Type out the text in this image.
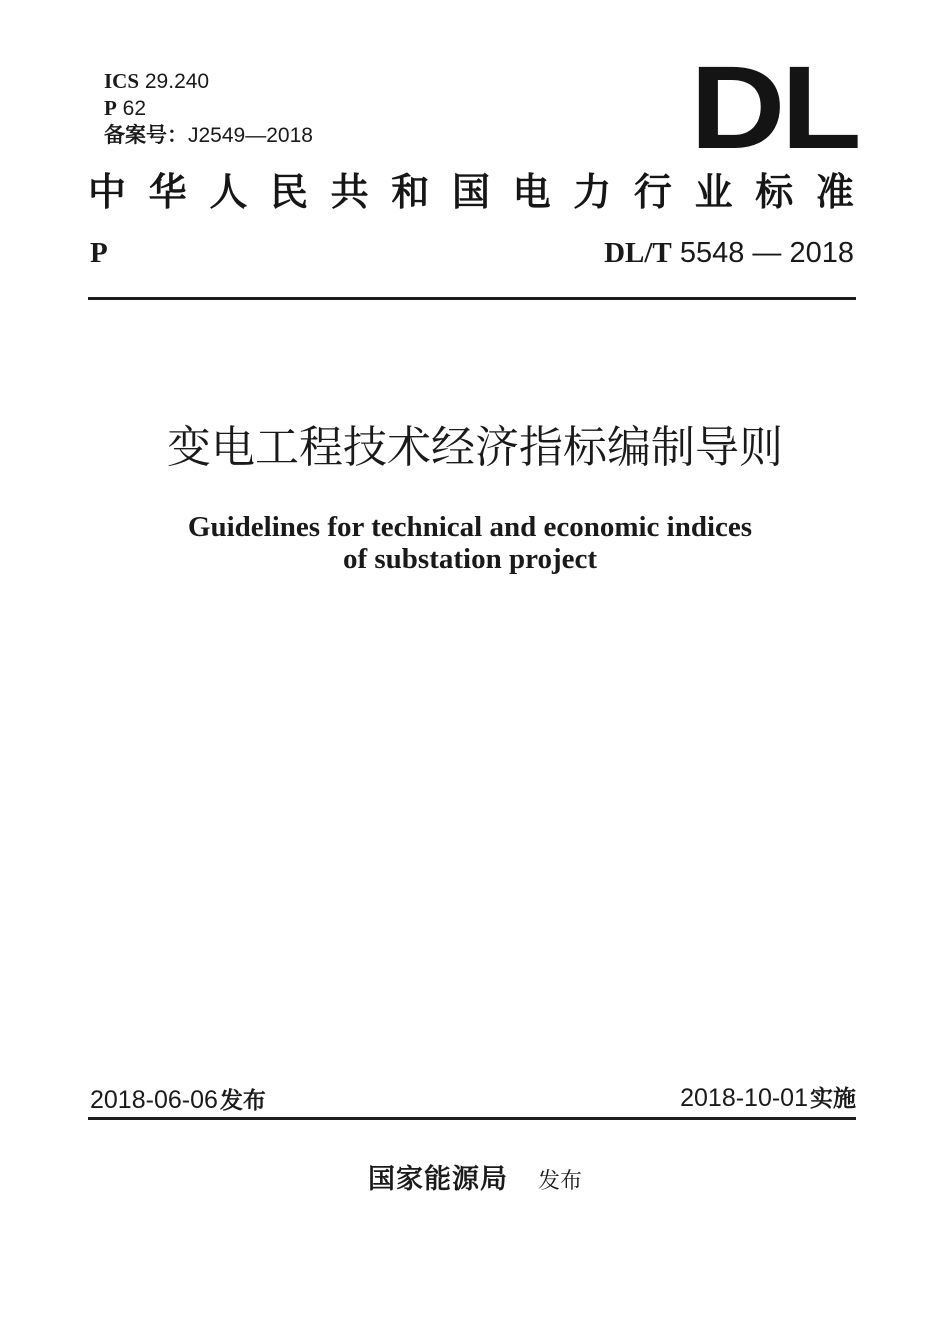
ICS 29.240
P 62
备案号：J2549—2018	DL
中 华 人 民 共 和 国 电 力 行 业 标 准
P	DL/T 5548 — 2018
变电工程技术经济指标编制导则
Guidelines for technical and economic indices
of substation project
2018-06-06发布	2018-10-01实施
国家能源局 发布
